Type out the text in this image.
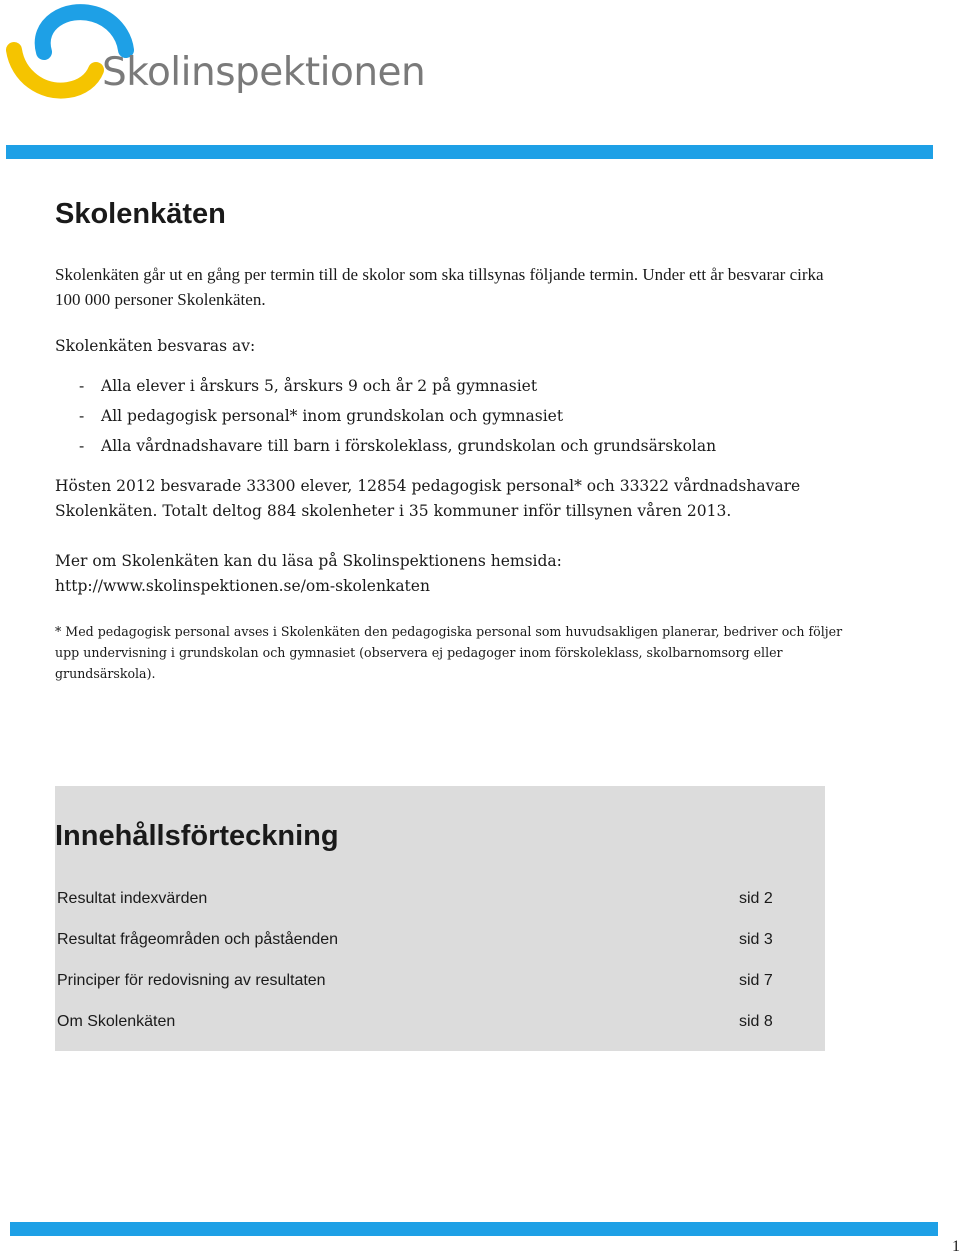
Skolinspektionen
Skolenkäten
Skolenkäten går ut en gång per termin till de skolor som ska tillsynas följande termin. Under ett år besvarar cirka 100 000 personer Skolenkäten.
Skolenkäten besvaras av:
- Alla elever i årskurs 5, årskurs 9 och år 2 på gymnasiet
- All pedagogisk personal* inom grundskolan och gymnasiet
- Alla vårdnadshavare till barn i förskoleklass, grundskolan och grundsärskolan
Hösten 2012 besvarade 33300 elever, 12854 pedagogisk personal* och 33322 vårdnadshavare Skolenkäten. Totalt deltog 884 skolenheter i 35 kommuner inför tillsynen våren 2013.
Mer om Skolenkäten kan du läsa på Skolinspektionens hemsida:
http://www.skolinspektionen.se/om-skolenkaten
* Med pedagogisk personal avses i Skolenkäten den pedagogiska personal som huvudsakligen planerar, bedriver och följer upp undervisning i grundskolan och gymnasiet (observera ej pedagoger inom förskoleklass, skolbarnomsorg eller grundsärskola).
Innehållsförteckning
Resultat indexvärden	sid 2
Resultat frågeområden och påståenden	sid 3
Principer för redovisning av resultaten	sid 7
Om Skolenkäten	sid 8
1
